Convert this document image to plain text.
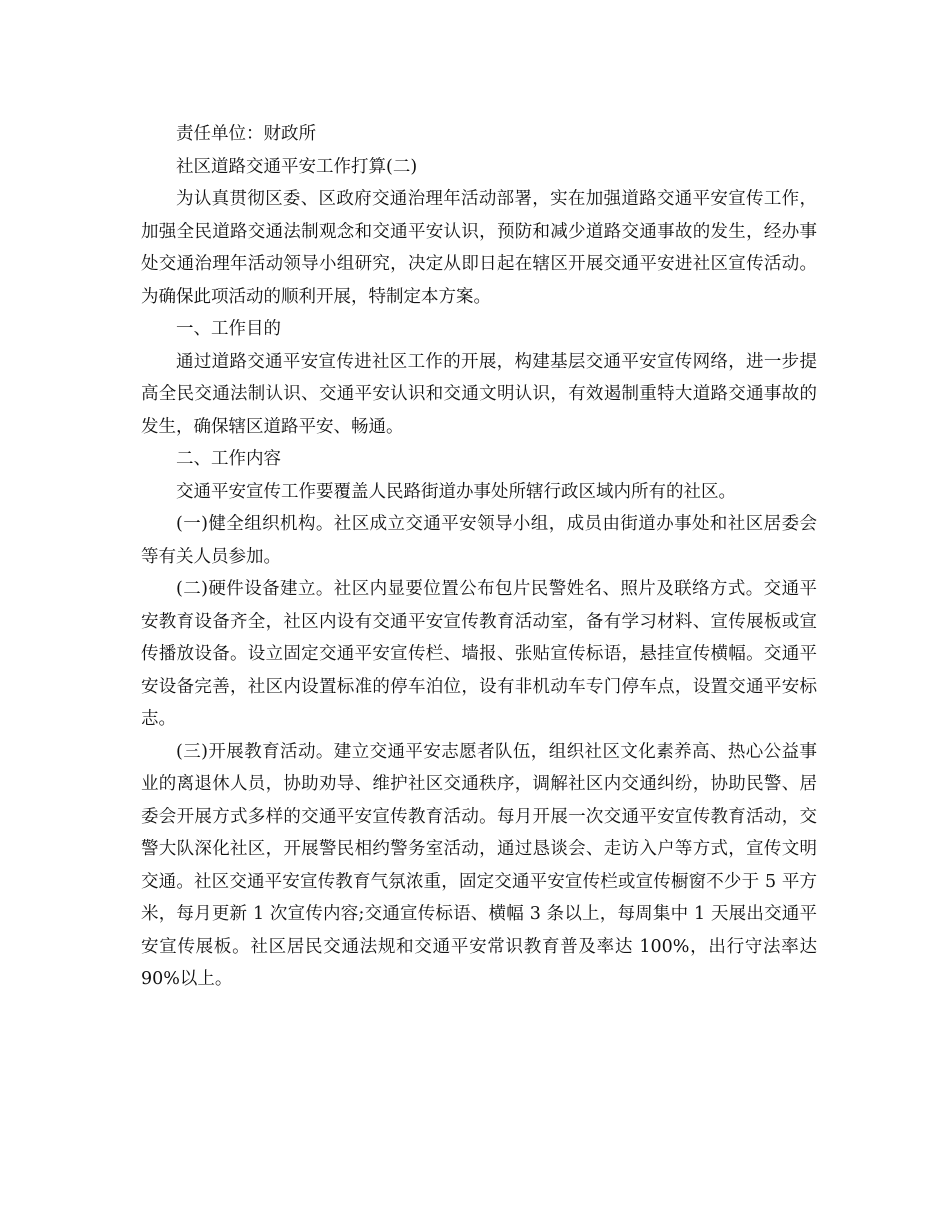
责任单位：财政所

社区道路交通平安工作打算(二)

为认真贯彻区委、区政府交通治理年活动部署，实在加强道路交通平安宣传工作，加强全民道路交通法制观念和交通平安认识，预防和减少道路交通事故的发生，经办事处交通治理年活动领导小组研究，决定从即日起在辖区开展交通平安进社区宣传活动。为确保此项活动的顺利开展，特制定本方案。

一、工作目的

通过道路交通平安宣传进社区工作的开展，构建基层交通平安宣传网络，进一步提高全民交通法制认识、交通平安认识和交通文明认识，有效遏制重特大道路交通事故的发生，确保辖区道路平安、畅通。

二、工作内容

交通平安宣传工作要覆盖人民路街道办事处所辖行政区域内所有的社区。

(一)健全组织机构。社区成立交通平安领导小组，成员由街道办事处和社区居委会等有关人员参加。

(二)硬件设备建立。社区内显要位置公布包片民警姓名、照片及联络方式。交通平安教育设备齐全，社区内设有交通平安宣传教育活动室，备有学习材料、宣传展板或宣传播放设备。设立固定交通平安宣传栏、墙报、张贴宣传标语，悬挂宣传横幅。交通平安设备完善，社区内设置标准的停车泊位，设有非机动车专门停车点，设置交通平安标志。

(三)开展教育活动。建立交通平安志愿者队伍，组织社区文化素养高、热心公益事业的离退休人员，协助劝导、维护社区交通秩序，调解社区内交通纠纷，协助民警、居委会开展方式多样的交通平安宣传教育活动。每月开展一次交通平安宣传教育活动，交警大队深化社区，开展警民相约警务室活动，通过恳谈会、走访入户等方式，宣传文明交通。社区交通平安宣传教育气氛浓重，固定交通平安宣传栏或宣传橱窗不少于 5 平方米，每月更新 1 次宣传内容;交通宣传标语、横幅 3 条以上，每周集中 1 天展出交通平安宣传展板。社区居民交通法规和交通平安常识教育普及率达 100%，出行守法率达 90%以上。
